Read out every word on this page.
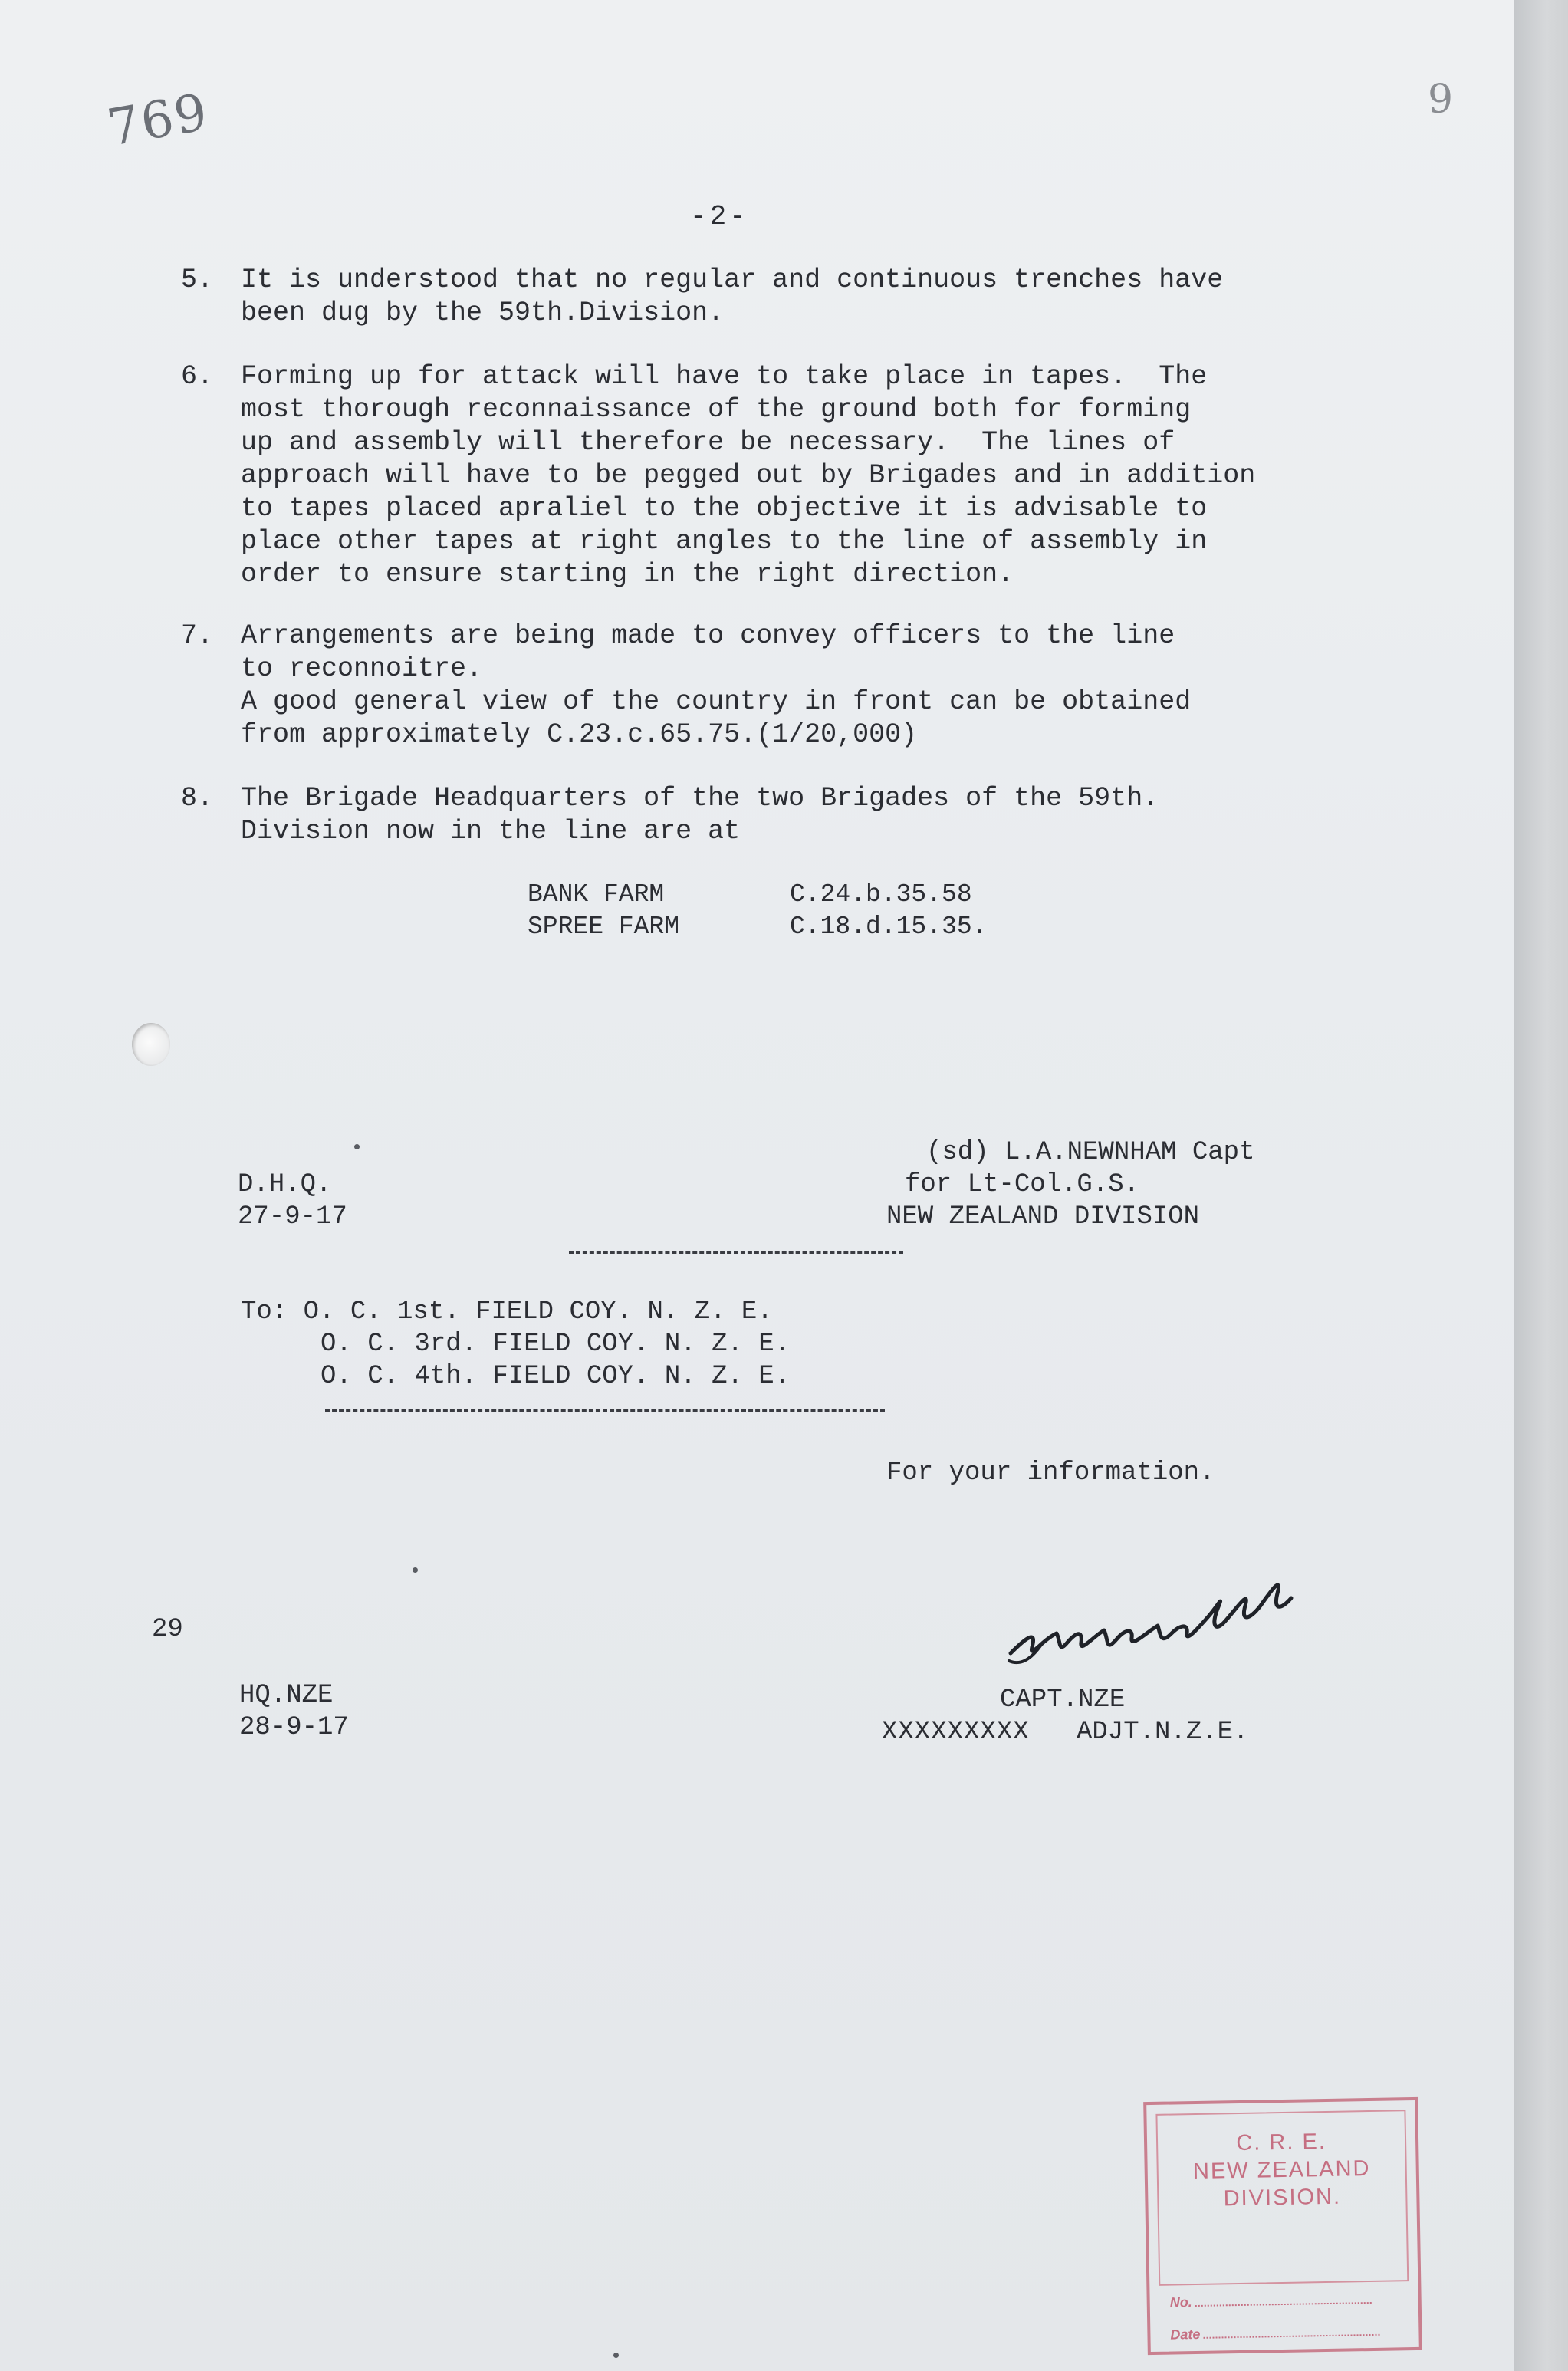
769	9
-2-
5. It is understood that no regular and continuous trenches have
been dug by the 59th.Division.
6. Forming up for attack will have to take place in tapes.  The
most thorough reconnaissance of the ground both for forming
up and assembly will therefore be necessary.  The lines of
approach will have to be pegged out by Brigades and in addition
to tapes placed apraliel to the objective it is advisable to
place other tapes at right angles to the line of assembly in
order to ensure starting in the right direction.
7. Arrangements are being made to convey officers to the line
to reconnoitre.
A good general view of the country in front can be obtained
from approximately C.23.c.65.75.(1/20,000)
8. The Brigade Headquarters of the two Brigades of the 59th.
Division now in the line are at
BANK FARM	C.24.b.35.58
SPREE FARM	C.18.d.15.35.
(sd) L.A.NEWNHAM Capt
for Lt-Col.G.S.
NEW ZEALAND DIVISION
D.H.Q.
27-9-17
To: O. C. 1st. FIELD COY. N. Z. E.
O. C. 3rd. FIELD COY. N. Z. E.
O. C. 4th. FIELD COY. N. Z. E.
For your information.
29
HQ.NZE
28-9-17
CAPT.NZE
XXXXXXXXX ADJT.N.Z.E.
C. R. E.
NEW ZEALAND
DIVISION.
No.
Date
